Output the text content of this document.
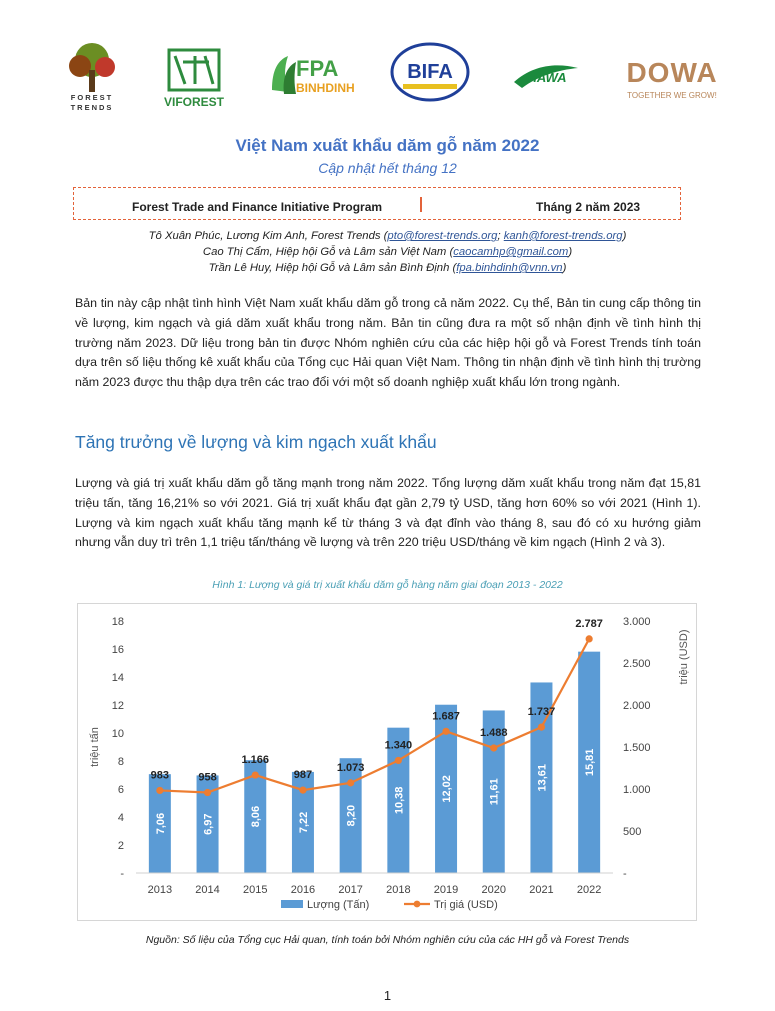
FOREST
TRENDS	VIFOREST
FPA
BINHDINH
BIFA	HAWA DOWA
TOGETHER WE GROW!
Việt Nam xuất khẩu dăm gỗ năm 2022
Cập nhật hết tháng 12
Forest Trade and Finance Initiative Program	Tháng 2 năm 2023
Tô Xuân Phúc, Lương Kim Anh, Forest Trends (pto@forest-trends.org; kanh@forest-trends.org)
Cao Thị Cẩm, Hiệp hội Gỗ và Lâm sản Việt Nam (caocamhp@gmail.com)
Trần Lê Huy, Hiệp hội Gỗ và Lâm sản Bình Định (fpa.binhdinh@vnn.vn)

Bản tin này cập nhật tình hình Việt Nam xuất khẩu dăm gỗ trong cả năm 2022. Cụ thể, Bản tin cung cấp thông tin về lượng, kim ngạch và giá dăm xuất khẩu trong năm. Bản tin cũng đưa ra một số nhận định về tình hình thị trường năm 2023. Dữ liệu trong bản tin được Nhóm nghiên cứu của các hiệp hội gỗ và Forest Trends tính toán dựa trên số liệu thống kê xuất khẩu của Tổng cục Hải quan Việt Nam. Thông tin nhận định về tình hình thị trường năm 2023 được thu thập dựa trên các trao đổi với một số doanh nghiệp xuất khẩu lớn trong ngành.

Tăng trưởng về lượng và kim ngạch xuất khẩu

Lượng và giá trị xuất khẩu dăm gỗ tăng mạnh trong năm 2022. Tổng lượng dăm xuất khẩu trong năm đạt 15,81 triệu tấn, tăng 16,21% so với 2021. Giá trị xuất khẩu đạt gần 2,79 tỷ USD, tăng hơn 60% so với 2021 (Hình 1). Lượng và kim ngạch xuất khẩu tăng mạnh kể từ tháng 3 và đạt đỉnh vào tháng 8, sau đó có xu hướng giảm nhưng vẫn duy trì trên 1,1 triệu tấn/tháng về lượng và trên 220 triệu USD/tháng về kim ngạch (Hình 2 và 3).

Hình 1: Lượng và giá trị xuất khẩu dăm gỗ hàng năm giai đoạn 2013 - 2022
triệu tấn
triệu (USD)
-
2
4
6
8
10
12
14
16
18
-
500
1.000
1.500
2.000
2.500
3.000
7,06	6,97	8,06	7,22	8,20
10,38	12,02	11,61
13,61
15,81
983	958
1.166
987
1.073
1.340
1.687
1.488
1.737
2.787
2013 2014 2015 2016 2017 2018 2019 2020 2021 2022
Lượng (Tấn)	Trị giá (USD)
Nguồn: Số liệu của Tổng cục Hải quan, tính toán bởi Nhóm nghiên cứu của các HH gỗ và Forest Trends
1
